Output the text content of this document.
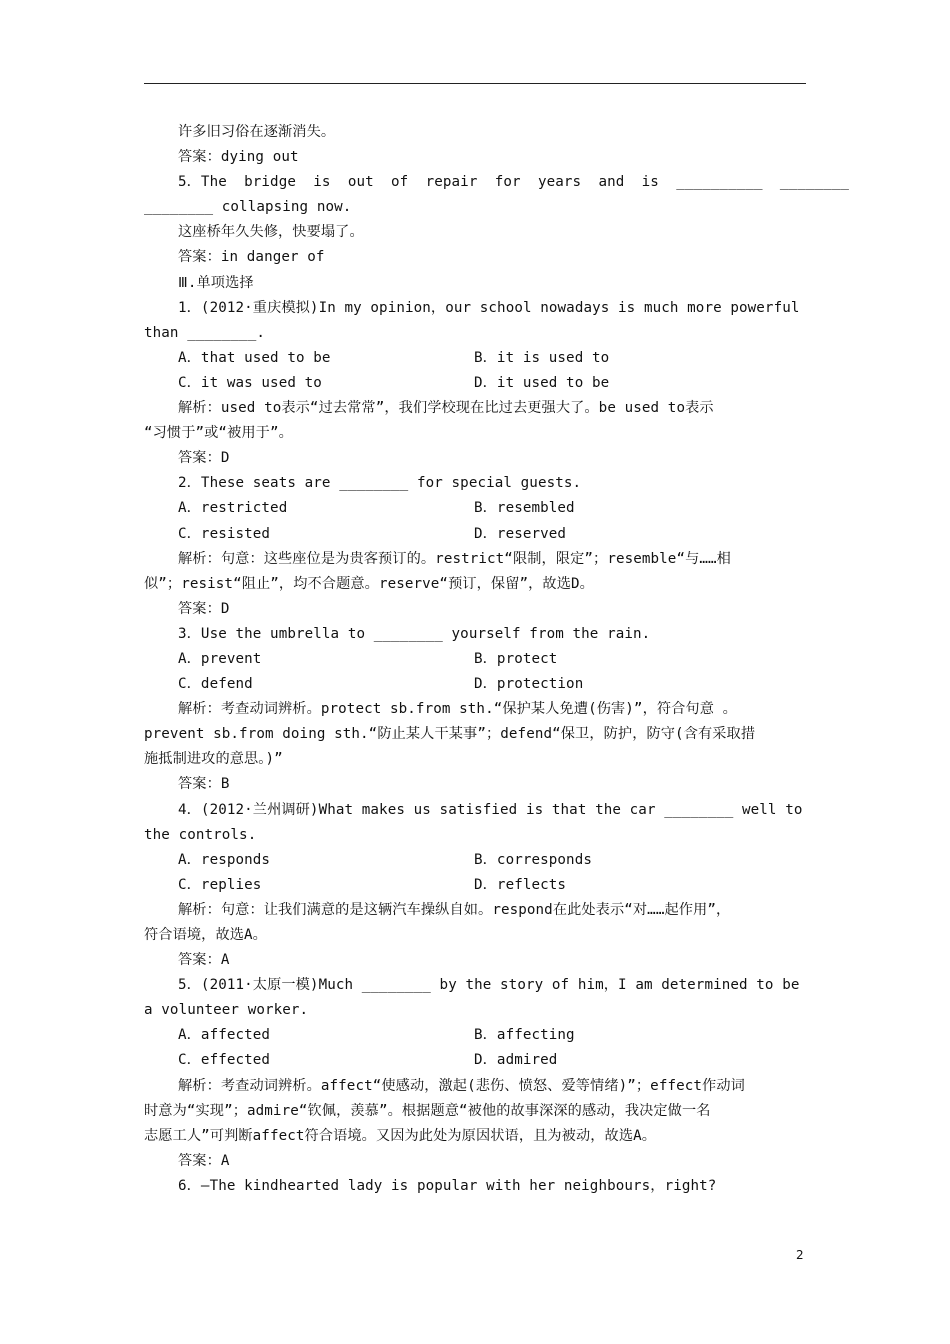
许多旧习俗在逐渐消失。
答案：dying out
5．The  bridge  is  out  of  repair  for  years  and  is  __________  ________
________ collapsing now.
这座桥年久失修，快要塌了。
答案：in danger of
Ⅲ.单项选择
1．(2012·重庆模拟)In my opinion，our school nowadays is much more powerful
than ________.
A．that used to be	B．it is used to
C．it was used to	D．it used to be
解析：used to表示“过去常常”，我们学校现在比过去更强大了。be used to表示
“习惯于”或“被用于”。
答案：D
2．These seats are ________ for special guests.
A．restricted	B．resembled
C．resisted	D．reserved
解析：句意：这些座位是为贵客预订的。restrict“限制，限定”；resemble“与……相
似”；resist“阻止”，均不合题意。reserve“预订，保留”，故选D。
答案：D
3．Use the umbrella to ________ yourself from the rain.
A．prevent	B．protect
C．defend	D．protection
解析：考查动词辨析。protect sb.from sth.“保护某人免遭(伤害)”，符合句意 。
prevent sb.from doing sth.“防止某人干某事”；defend“保卫，防护，防守(含有采取措
施抵制进攻的意思。)”
答案：B
4．(2012·兰州调研)What makes us satisfied is that the car ________ well to
the controls.
A．responds	B．corresponds
C．replies	D．reflects
解析：句意：让我们满意的是这辆汽车操纵自如。respond在此处表示“对……起作用”，
符合语境，故选A。
答案：A
5．(2011·太原一模)Much ________ by the story of him，I am determined to be
a volunteer worker.
A．affected	B．affecting
C．effected	D．admired
解析：考查动词辨析。affect“使感动，激起(悲伤、愤怒、爱等情绪)”；effect作动词
时意为“实现”；admire“钦佩，羡慕”。根据题意“被他的故事深深的感动，我决定做一名
志愿工人”可判断affect符合语境。又因为此处为原因状语，且为被动，故选A。
答案：A
6．—The kindhearted lady is popular with her neighbours，right?
2
